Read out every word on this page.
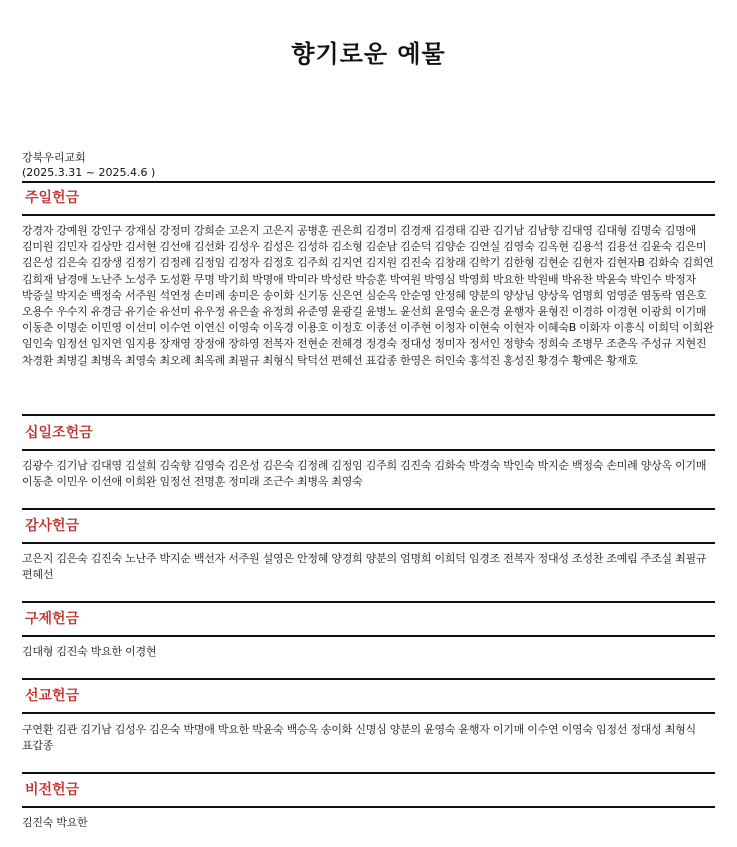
향기로운 예물
강북우리교회
(2025.3.31 ~ 2025.4.6 )
주일헌금

강경자 강예원 강인구 강재심 강정미 강희순 고은지 고은지 공병훈 권은희 김경미 김경재 김경태 김관 김기남 김남향 김대영 김대형 김명숙 김명애 김미원 김민자 김상만 김서현 김선애 김선화 김성우 김성은 김성하 김소형 김순남 김순덕 김양순 김연실 김영숙 김옥현 김용석 김용선 김윤숙 김은미 김은성 김은숙 김장생 김정기 김정례 김정임 김정자 김정호 김주희 김지연 김지원 김진숙 김창래 김학기 김한형 김현순 김현자 김현자B 김화숙 김희연 김희재 남경애 노난주 노성주 도성환 무명 박기희 박명애 박미라 박성란 박승훈 박여원 박영심 박영희 박요한 박원배 박유찬 박윤숙 박인수 박정자 박증실 박지순 백정숙 서주원 석연정 손미례 송미은 송이화 신기동 신은연 심순옥 안순영 안정혜 양분의 양상님 양상욱 엄명희 엄영준 염동락 염은호 오용수 우수지 유경금 유기순 유선미 유우정 유은솔 유정희 유준영 윤광길 윤병노 윤선희 윤영숙 윤은경 윤행자 윤형진 이경하 이경현 이광희 이기매 이동춘 이명순 이민영 이선미 이수연 이연신 이영숙 이옥경 이용호 이정호 이종선 이주현 이청자 이현숙 이현자 이혜숙B 이화자 이흥식 이희덕 이희완 임인숙 임정선 임지연 임지용 장재영 장정애 장하영 전복자 전현순 전혜경 정경숙 정대성 정미자 정서인 정향숙 정희숙 조병무 조춘옥 주성규 지현진 차경환 최병길 최병옥 최영숙 최오례 최옥례 최필규 최형식 탁덕선 편혜선 표갑종 한영은 허인숙 홍석진 홍성진 황경수 황예은 황재호

십일조헌금

김광수 김기남 김대영 김설희 김숙향 김영숙 김은성 김은숙 김정례 김정임 김주희 김진숙 김화숙 박경숙 박인숙 박지순 백정숙 손미례 양상옥 이기매 이동춘 이민우 이선애 이희완 임정선 전명훈 정미래 조근수 최병옥 최영숙

감사헌금

고은지 김은숙 김진숙 노난주 박지순 백선자 서주원 설영은 안정혜 양경희 양분의 엄명희 이희덕 임경조 전복자 정대성 조성찬 조예림 주조실 최필규 편혜선

구제헌금

김대형 김진숙 박요한 이경현

선교헌금

구연환 김관 김기남 김성우 김은숙 박명애 박요한 박윤숙 백승옥 송이화 신명심 양분의 윤영숙 윤행자 이기매 이수연 이영숙 임정선 정대성 최형식 표갑종

비전헌금

김진숙 박요한
